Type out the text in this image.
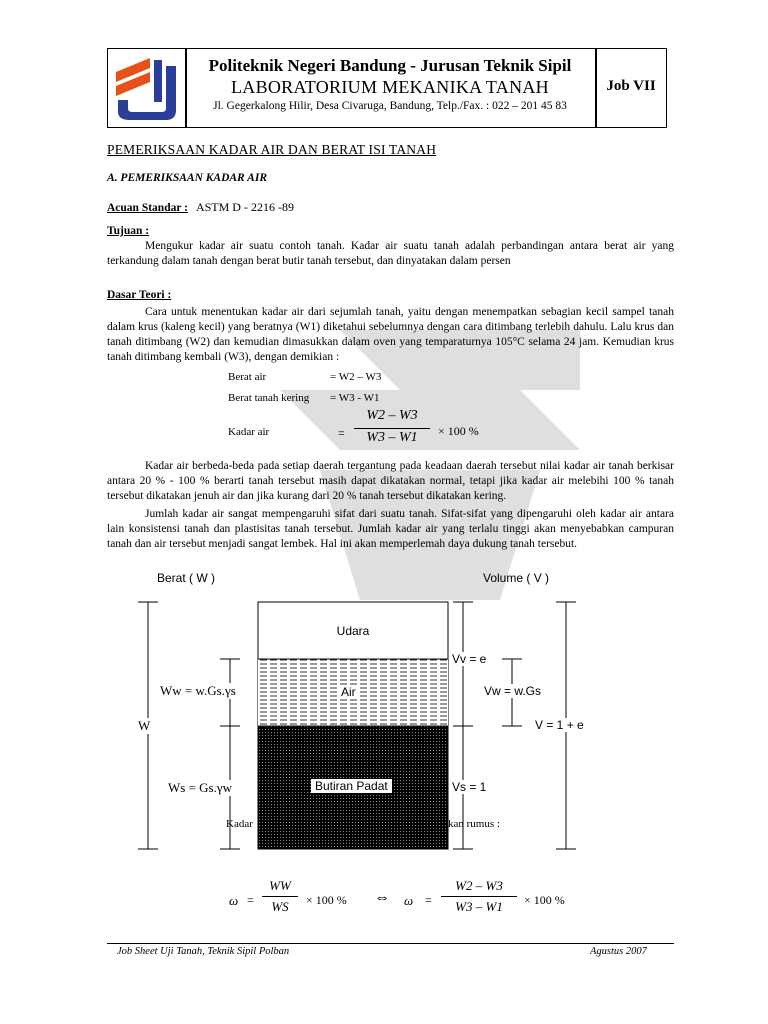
Politeknik Negeri Bandung - Jurusan Teknik Sipil
LABORATORIUM MEKANIKA TANAH
Jl. Gegerkalong Hilir, Desa Civaruga, Bandung, Telp./Fax. : 022 – 201 45 83
Job VII
PEMERIKSAAN KADAR AIR DAN BERAT ISI TANAH
A. PEMERIKSAAN KADAR AIR
Acuan Standar : ASTM D - 2216 -89
Tujuan :
Mengukur kadar air suatu contoh tanah. Kadar air suatu tanah adalah perbandingan antara berat air yang terkandung dalam tanah dengan berat butir tanah tersebut, dan dinyatakan dalam persen
Dasar Teori :
Cara untuk menentukan kadar air dari sejumlah tanah, yaitu dengan menempatkan sebagian kecil sampel tanah dalam krus (kaleng kecil) yang beratnya (W1) diketahui sebelumnya dengan cara ditimbang terlebih dahulu. Lalu krus dan tanah ditimbang (W2) dan kemudian dimasukkan dalam oven yang temparaturnya 105°C selama 24 jam. Kemudian krus tanah ditimbang kembali (W3), dengan demikian :
Berat air	= W2 – W3
Berat tanah kering = W3 - W1
Kadar air	=
W2 – W3
W3 – W1	× 100 %
Kadar air berbeda-beda pada setiap daerah tergantung pada keadaan daerah tersebut nilai kadar air tanah berkisar antara 20 % - 100 % berarti tanah tersebut masih dapat dikatakan normal, tetapi jika kadar air melebihi 100 % tanah tersebut dikatakan jenuh air dan jika kurang dari 20 % tanah tersebut dikatakan kering.
Jumlah kadar air sangat mempengaruhi sifat dari suatu tanah. Sifat-sifat yang dipengaruhi oleh kadar air antara lain konsistensi tanah dan plastisitas tanah tersebut. Jumlah kadar air yang terlalu tinggi akan menyebabkan campuran tanah dan air tersebut menjadi sangat lembek. Hal ini akan memperlemah daya dukung tanah tersebut.
Berat ( W )	Volume ( V )
Udara
Air
Butiran Padat
Ww = w.Gs.γs
Ws = Gs.γw
W
Vv = e
Vw = w.Gs
V = 1 + e
Vs = 1
Kadar	kan rumus :
ω =
WW
WS	× 100 % ⇔ ω =
W2 – W3
W3 – W1	× 100 %
Job Sheet Uji Tanah, Teknik Sipil Polban	Agustus 2007
